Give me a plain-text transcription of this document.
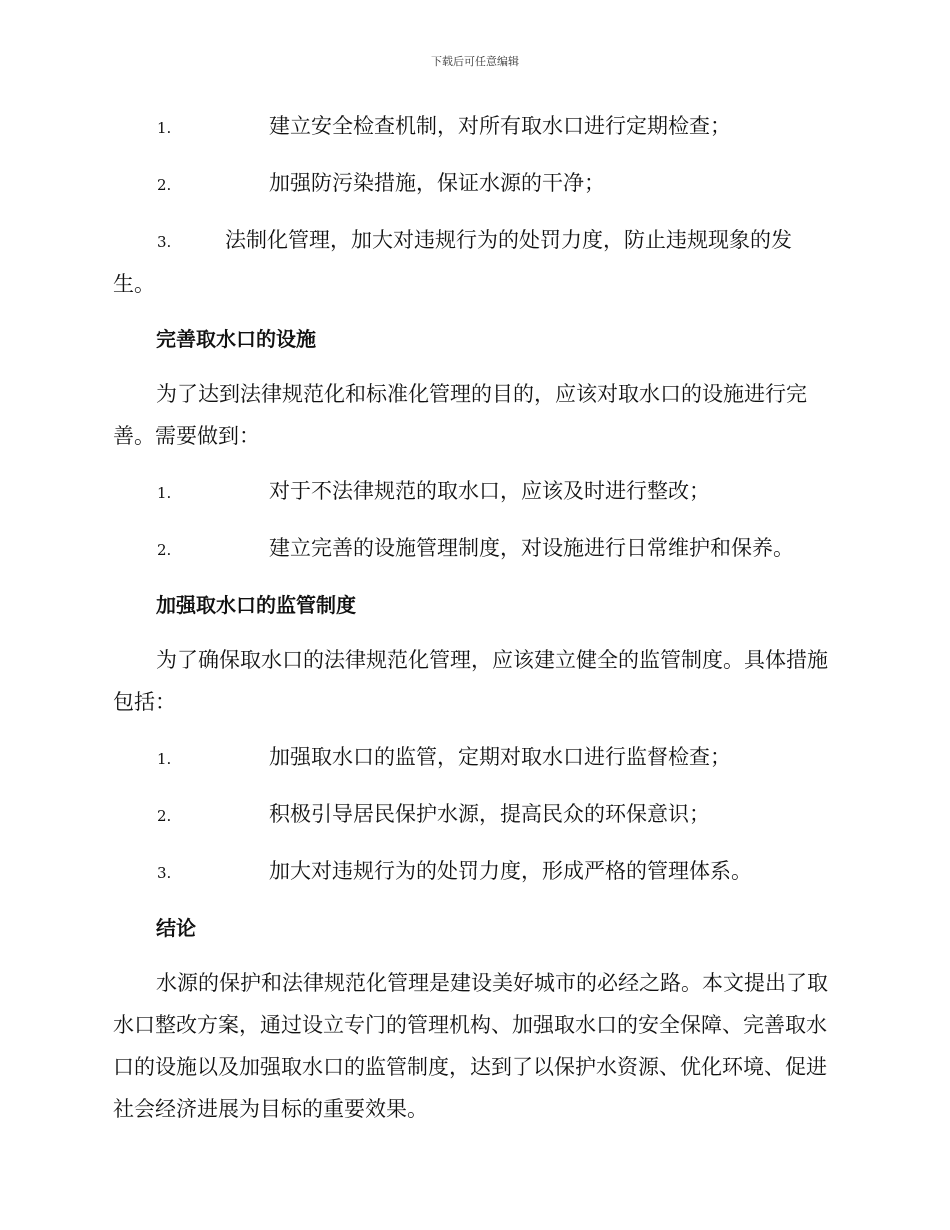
下载后可任意编辑
1.	建立安全检查机制，对所有取水口进行定期检查；
2.	加强防污染措施，保证水源的干净；
3.	法制化管理，加大对违规行为的处罚力度，防止违规现象的发生。
完善取水口的设施
为了达到法律规范化和标准化管理的目的，应该对取水口的设施进行完善。需要做到：
1.	对于不法律规范的取水口，应该及时进行整改；
2.	建立完善的设施管理制度，对设施进行日常维护和保养。
加强取水口的监管制度
为了确保取水口的法律规范化管理，应该建立健全的监管制度。具体措施包括：
1.	加强取水口的监管，定期对取水口进行监督检查；
2.	积极引导居民保护水源，提高民众的环保意识；
3.	加大对违规行为的处罚力度，形成严格的管理体系。
结论
水源的保护和法律规范化管理是建设美好城市的必经之路。本文提出了取水口整改方案，通过设立专门的管理机构、加强取水口的安全保障、完善取水口的设施以及加强取水口的监管制度，达到了以保护水资源、优化环境、促进社会经济进展为目标的重要效果。
